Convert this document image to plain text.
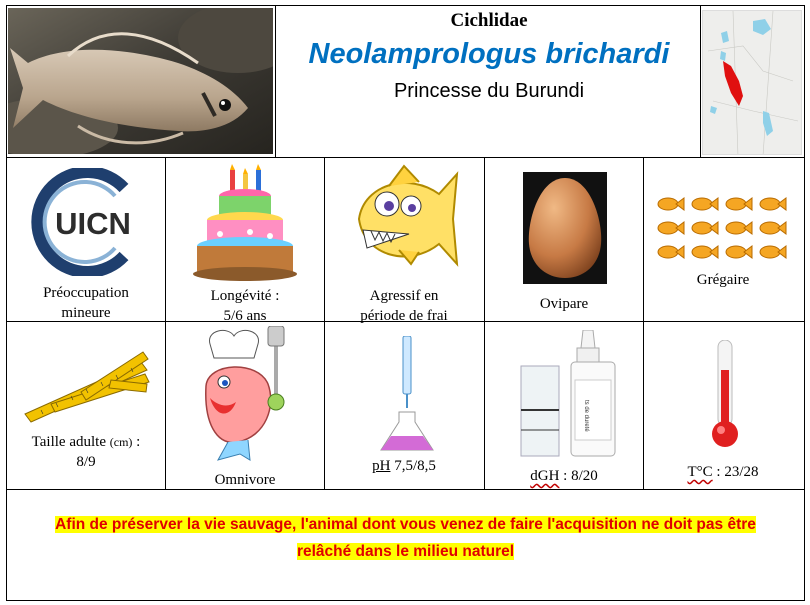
Cichlidae
Neolamprologus brichardi
Princesse du Burundi
UICN
Préoccupation
mineure
Longévité :
5/6 ans
Agressif en
période de frai
Ovipare
Grégaire
Taille adulte (cm) :
8/9
Omnivore
pH 7,5/8,5
ts de dureté
dGH : 8/20	T°C : 23/28
Afin de préserver la vie sauvage, l'animal dont vous venez de faire l'acquisition ne doit pas être
relâché dans le milieu naturel
